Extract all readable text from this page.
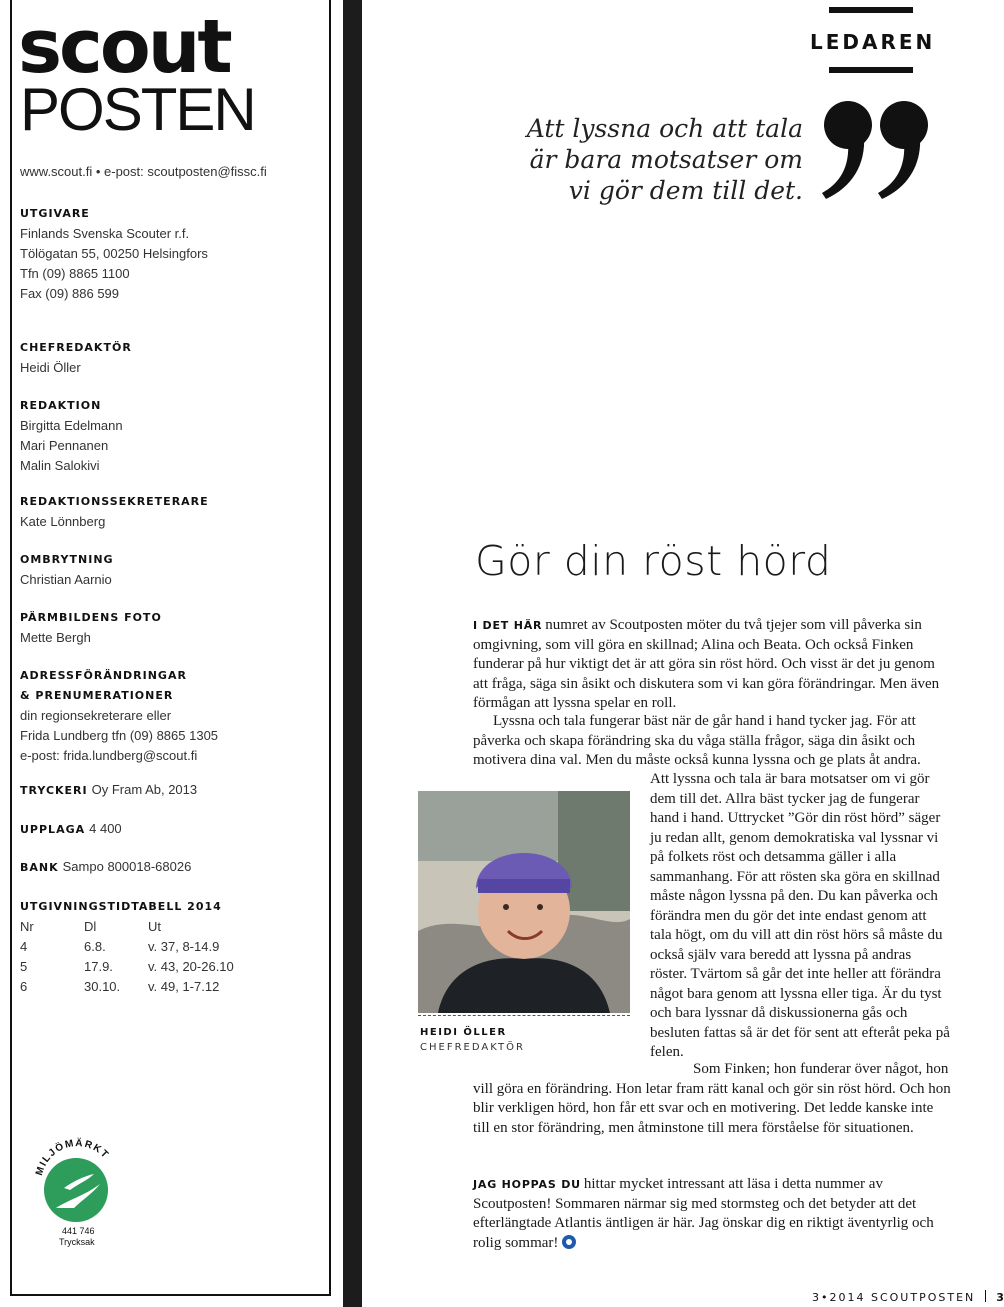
scout
POSTEN
www.scout.fi • e-post: scoutposten@fissc.fi
UTGIVARE
Finlands Svenska Scouter r.f.
Tölögatan 55, 00250 Helsingfors
Tfn (09) 8865 1100
Fax (09) 886 599
CHEFREDAKTÖR
Heidi Öller
REDAKTION
Birgitta Edelmann
Mari Pennanen
Malin Salokivi
REDAKTIONSSEKRETERARE
Kate Lönnberg
OMBRYTNING
Christian Aarnio
PÄRMBILDENS FOTO
Mette Bergh
ADRESSFÖRÄNDRINGAR
& PRENUMERATIONER
din regionsekreterare eller
Frida Lundberg tfn (09) 8865 1305
e-post: frida.lundberg@scout.fi
TRYCKERI Oy Fram Ab, 2013
UPPLAGA 4 400
BANK Sampo 800018-68026
UTGIVNINGSTIDTABELL 2014
Nr	Dl	Ut
4	6.8.	v. 37, 8-14.9
5	17.9.	v. 43, 20-26.10
6	30.10.	v. 49, 1-7.12
MILJÖMÄRKT
441 746
Trycksak
LEDAREN
Att lyssna och att tala är bara motsatser om vi gör dem till det.
Gör din röst hörd
I DET HÄR numret av Scoutposten möter du två tjejer som vill påverka sin omgivning, som vill göra en skillnad; Alina och Beata. Och också Finken funderar på hur viktigt det är att göra sin röst hörd. Och visst är det ju genom att fråga, säga sin åsikt och diskutera som vi kan göra förändringar. Men även förmågan att lyssna spelar en roll.
Lyssna och tala fungerar bäst när de går hand i hand tycker jag. För att påverka och skapa förändring ska du våga ställa frågor, säga din åsikt och motivera dina val. Men du måste också kunna lyssna och ge plats åt andra.
Att lyssna och tala är bara motsatser om vi gör dem till det. Allra bäst tycker jag de fungerar hand i hand. Uttrycket ”Gör din röst hörd” säger ju redan allt, genom demokratiska val lyssnar vi på folkets röst och detsamma gäller i alla sammanhang. För att rösten ska göra en skillnad måste någon lyssna på den. Du kan påverka och förändra men du gör det inte endast genom att tala högt, om du vill att din röst hörs så måste du också själv vara beredd att lyssna på andras röster. Tvärtom så går det inte heller att förändra något bara genom att lyssna eller tiga. Är du tyst och bara lyssnar då diskussionerna gås och besluten fattas så är det för sent att efteråt peka på felen.
HEIDI ÖLLER
CHEFREDAKTÖR
Som Finken; hon funderar över något, hon vill göra en förändring. Hon letar fram rätt kanal och gör sin röst hörd. Och hon blir verkligen hörd, hon får ett svar och en motivering. Det ledde kanske inte till en stor förändring, men åtminstone till mera förståelse för situationen.
JAG HOPPAS DU hittar mycket intressant att läsa i detta nummer av Scoutposten! Sommaren närmar sig med stormsteg och det betyder att det efterlängtade Atlantis äntligen är här. Jag önskar dig en riktigt äventyrlig och rolig sommar!
3•2014 SCOUTPOSTEN 3
